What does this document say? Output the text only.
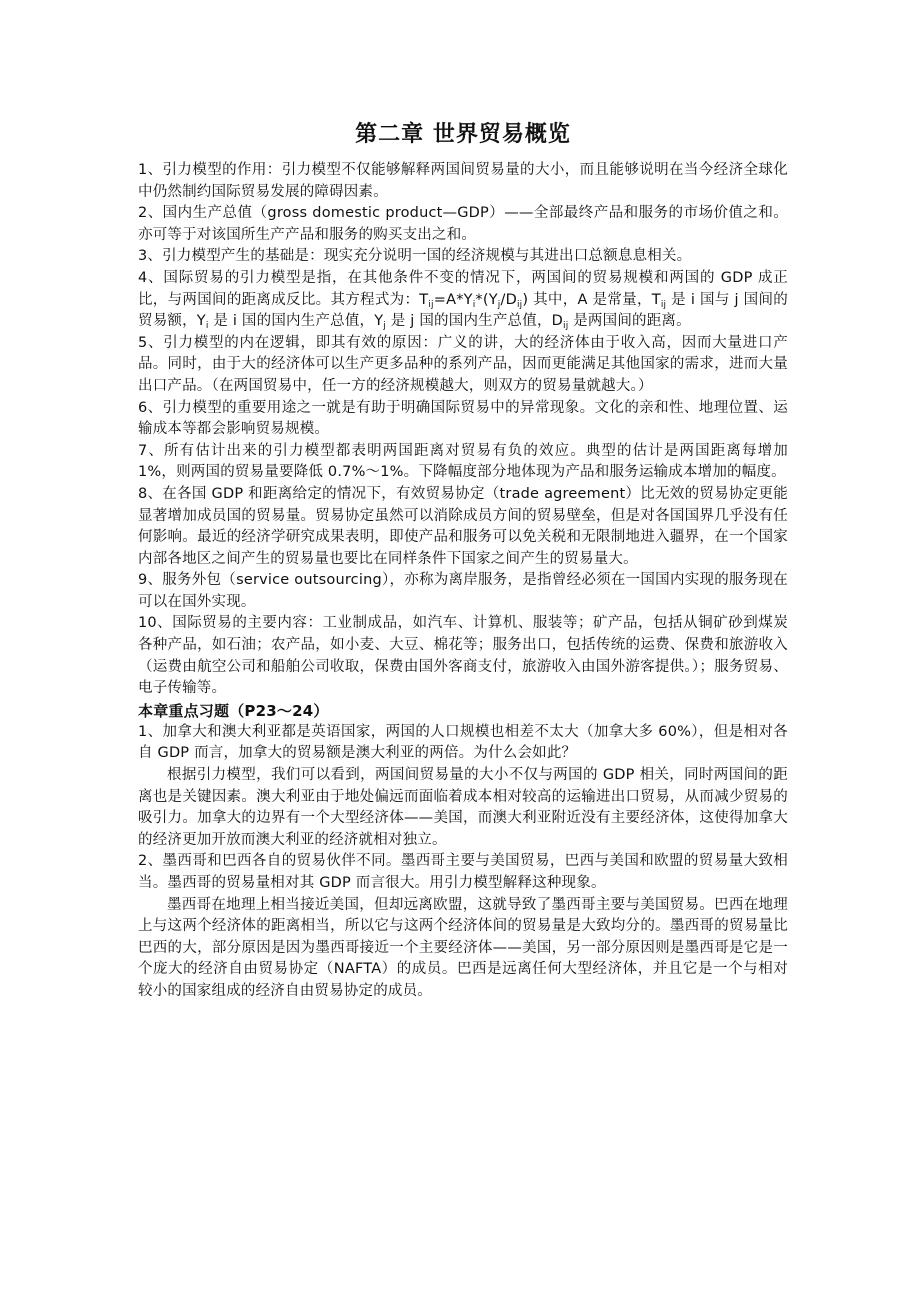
第二章 世界贸易概览

1、引力模型的作用：引力模型不仅能够解释两国间贸易量的大小，而且能够说明在当今经济全球化中仍然制约国际贸易发展的障碍因素。

2、国内生产总值（gross domestic product—GDP）——全部最终产品和服务的市场价值之和。亦可等于对该国所生产产品和服务的购买支出之和。

3、引力模型产生的基础是：现实充分说明一国的经济规模与其进出口总额息息相关。

4、国际贸易的引力模型是指，在其他条件不变的情况下，两国间的贸易规模和两国的 GDP 成正比，与两国间的距离成反比。其方程式为：$T_{ij}=A*Y_i*(Y_j/D_{ij})$ 其中，A 是常量，$T_{ij}$ 是 i 国与 j 国间的贸易额，$Y_i$ 是 i 国的国内生产总值，$Y_j$ 是 j 国的国内生产总值，$D_{ij}$ 是两国间的距离。

5、引力模型的内在逻辑，即其有效的原因：广义的讲，大的经济体由于收入高，因而大量进口产品。同时，由于大的经济体可以生产更多品种的系列产品，因而更能满足其他国家的需求，进而大量出口产品。（在两国贸易中，任一方的经济规模越大，则双方的贸易量就越大。）

6、引力模型的重要用途之一就是有助于明确国际贸易中的异常现象。文化的亲和性、地理位置、运输成本等都会影响贸易规模。

7、所有估计出来的引力模型都表明两国距离对贸易有负的效应。典型的估计是两国距离每增加 1%，则两国的贸易量要降低 0.7%～1%。下降幅度部分地体现为产品和服务运输成本增加的幅度。

8、在各国 GDP 和距离给定的情况下，有效贸易协定（trade agreement）比无效的贸易协定更能显著增加成员国的贸易量。贸易协定虽然可以消除成员方间的贸易壁垒，但是对各国国界几乎没有任何影响。最近的经济学研究成果表明，即使产品和服务可以免关税和无限制地进入疆界，在一个国家内部各地区之间产生的贸易量也要比在同样条件下国家之间产生的贸易量大。

9、服务外包（service outsourcing），亦称为离岸服务，是指曾经必须在一国国内实现的服务现在可以在国外实现。

10、国际贸易的主要内容：工业制成品，如汽车、计算机、服装等；矿产品，包括从铜矿砂到煤炭各种产品，如石油；农产品，如小麦、大豆、棉花等；服务出口，包括传统的运费、保费和旅游收入（运费由航空公司和船舶公司收取，保费由国外客商支付，旅游收入由国外游客提供。）；服务贸易、电子传输等。

本章重点习题（P23～24）

1、加拿大和澳大利亚都是英语国家，两国的人口规模也相差不太大（加拿大多 60%），但是相对各自 GDP 而言，加拿大的贸易额是澳大利亚的两倍。为什么会如此？

根据引力模型，我们可以看到，两国间贸易量的大小不仅与两国的 GDP 相关，同时两国间的距离也是关键因素。澳大利亚由于地处偏远而面临着成本相对较高的运输进出口贸易，从而减少贸易的吸引力。加拿大的边界有一个大型经济体——美国，而澳大利亚附近没有主要经济体，这使得加拿大的经济更加开放而澳大利亚的经济就相对独立。

2、墨西哥和巴西各自的贸易伙伴不同。墨西哥主要与美国贸易，巴西与美国和欧盟的贸易量大致相当。墨西哥的贸易量相对其 GDP 而言很大。用引力模型解释这种现象。

墨西哥在地理上相当接近美国，但却远离欧盟，这就导致了墨西哥主要与美国贸易。巴西在地理上与这两个经济体的距离相当，所以它与这两个经济体间的贸易量是大致均分的。墨西哥的贸易量比巴西的大，部分原因是因为墨西哥接近一个主要经济体——美国，另一部分原因则是墨西哥是它是一个庞大的经济自由贸易协定（NAFTA）的成员。巴西是远离任何大型经济体，并且它是一个与相对较小的国家组成的经济自由贸易协定的成员。
